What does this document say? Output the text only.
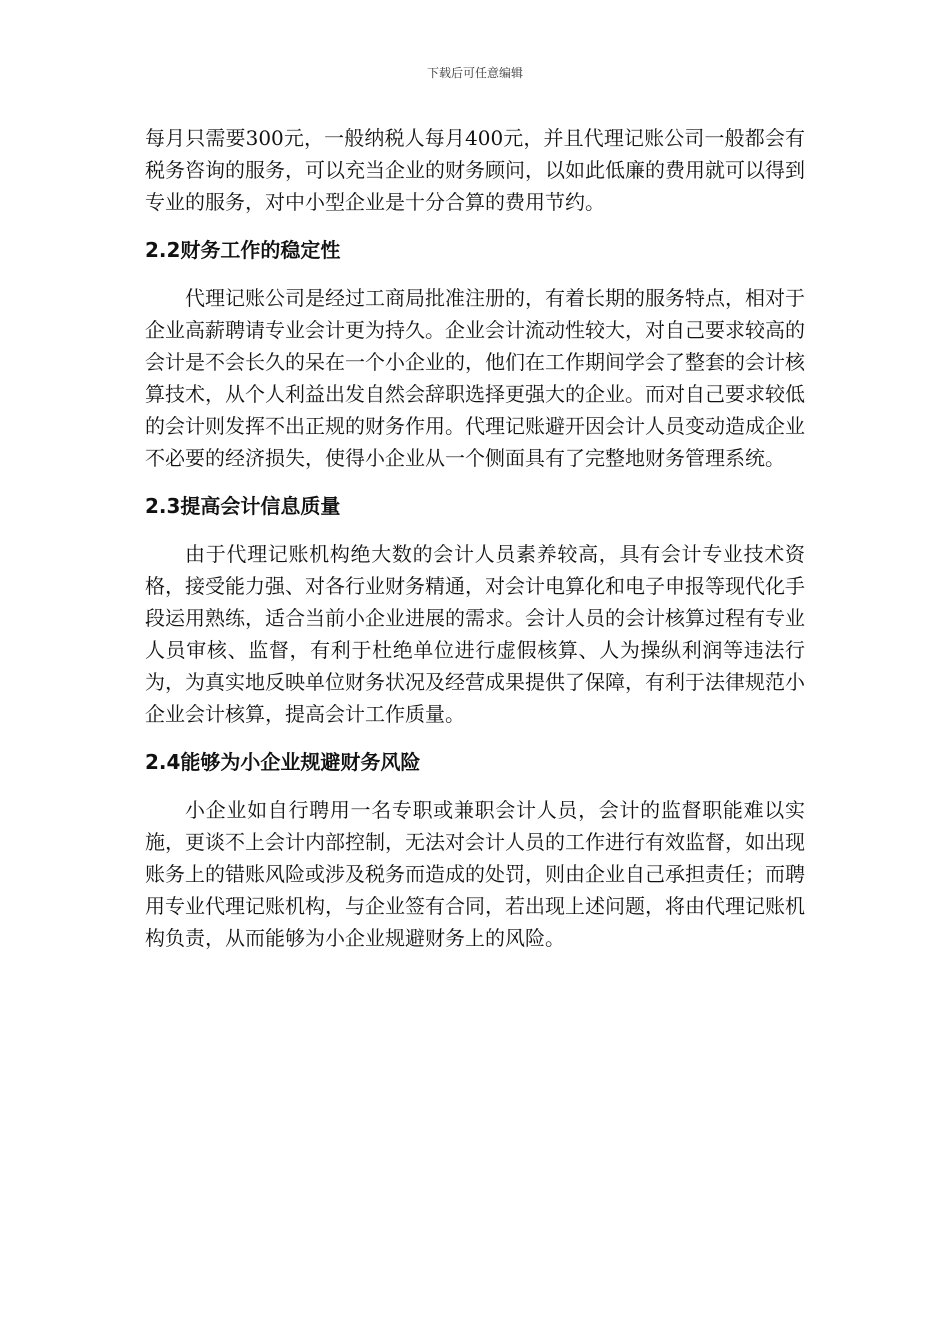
下载后可任意编辑

每月只需要300元，一般纳税人每月400元，并且代理记账公司一般都会有税务咨询的服务，可以充当企业的财务顾问，以如此低廉的费用就可以得到专业的服务，对中小型企业是十分合算的费用节约。

2.2财务工作的稳定性

代理记账公司是经过工商局批准注册的，有着长期的服务特点，相对于企业高薪聘请专业会计更为持久。企业会计流动性较大，对自己要求较高的会计是不会长久的呆在一个小企业的，他们在工作期间学会了整套的会计核算技术，从个人利益出发自然会辞职选择更强大的企业。而对自己要求较低的会计则发挥不出正规的财务作用。代理记账避开因会计人员变动造成企业不必要的经济损失，使得小企业从一个侧面具有了完整地财务管理系统。

2.3提高会计信息质量

由于代理记账机构绝大数的会计人员素养较高，具有会计专业技术资格，接受能力强、对各行业财务精通，对会计电算化和电子申报等现代化手段运用熟练，适合当前小企业进展的需求。会计人员的会计核算过程有专业人员审核、监督，有利于杜绝单位进行虚假核算、人为操纵利润等违法行为，为真实地反映单位财务状况及经营成果提供了保障，有利于法律规范小企业会计核算，提高会计工作质量。

2.4能够为小企业规避财务风险

小企业如自行聘用一名专职或兼职会计人员，会计的监督职能难以实施，更谈不上会计内部控制，无法对会计人员的工作进行有效监督，如出现账务上的错账风险或涉及税务而造成的处罚，则由企业自己承担责任；而聘用专业代理记账机构，与企业签有合同，若出现上述问题，将由代理记账机构负责，从而能够为小企业规避财务上的风险。
